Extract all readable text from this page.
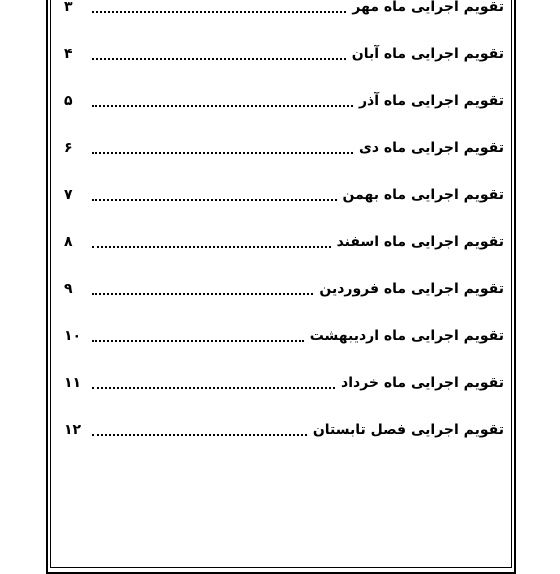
تقویم اجرایی ماه مهر
۳
تقویم اجرایی ماه آبان
۴
تقویم اجرایی ماه آذر
۵
تقویم اجرایی ماه دی
۶
تقویم اجرایی ماه بهمن
۷
تقویم اجرایی ماه اسفند
۸
تقویم اجرایی ماه فروردین
۹
تقویم اجرایی ماه اردیبهشت
۱۰
تقویم اجرایی ماه خرداد
۱۱
تقویم اجرایی فصل تابستان
۱۲
